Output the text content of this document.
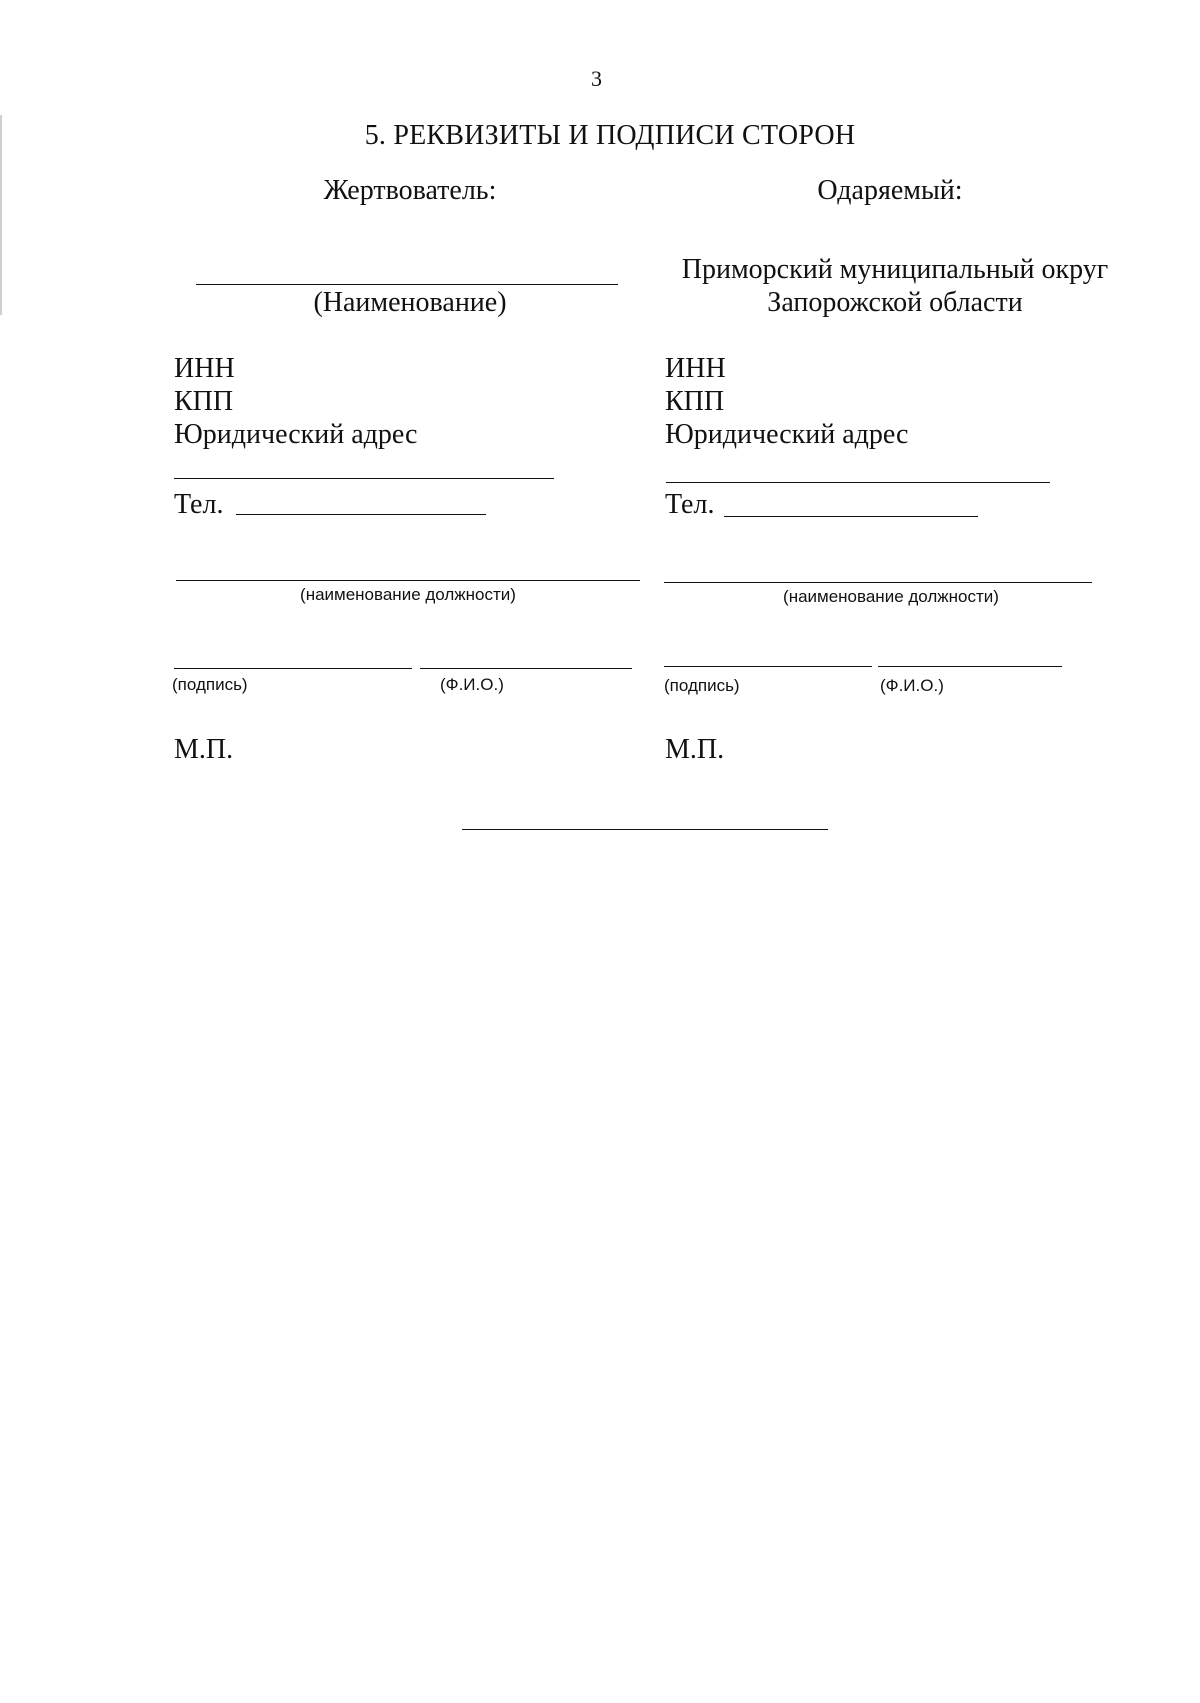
3
5. РЕКВИЗИТЫ И ПОДПИСИ СТОРОН
Жертвователь:
(Наименование)
ИНН
КПП
Юридический адрес
Тел.
(наименование должности)
(подпись)	(Ф.И.О.)
М.П.
Одаряемый:
Приморский муниципальный округ
Запорожской области
ИНН
КПП
Юридический адрес
Тел.
(наименование должности)
(подпись)	(Ф.И.О.)
М.П.
